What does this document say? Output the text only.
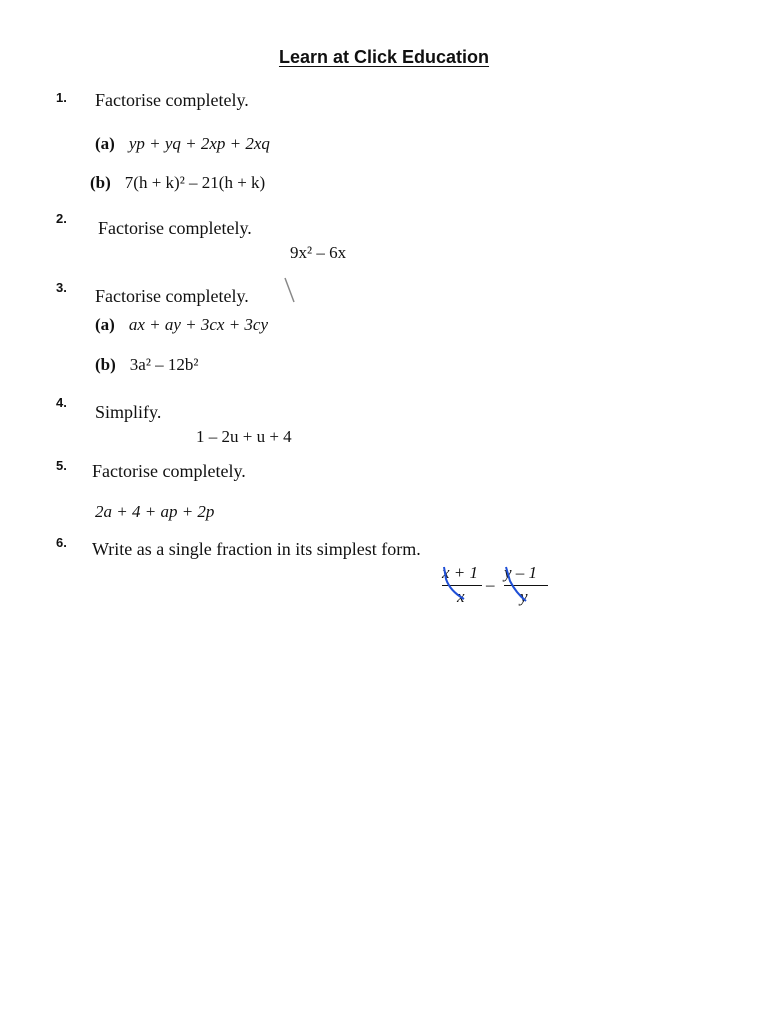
Learn at Click Education
1. Factorise completely.
(a) yp + yq + 2xp + 2xq
(b) 7(h + k)² – 21(h + k)
2. Factorise completely.
9x² – 6x
3. Factorise completely.
(a) ax + ay + 3cx + 3cy
(b) 3a² – 12b²
4. Simplify.
1 – 2u + u + 4
5. Factorise completely.
2a + 4 + ap + 2p
6. Write as a single fraction in its simplest form.
x + 1
x
–
y – 1
y
